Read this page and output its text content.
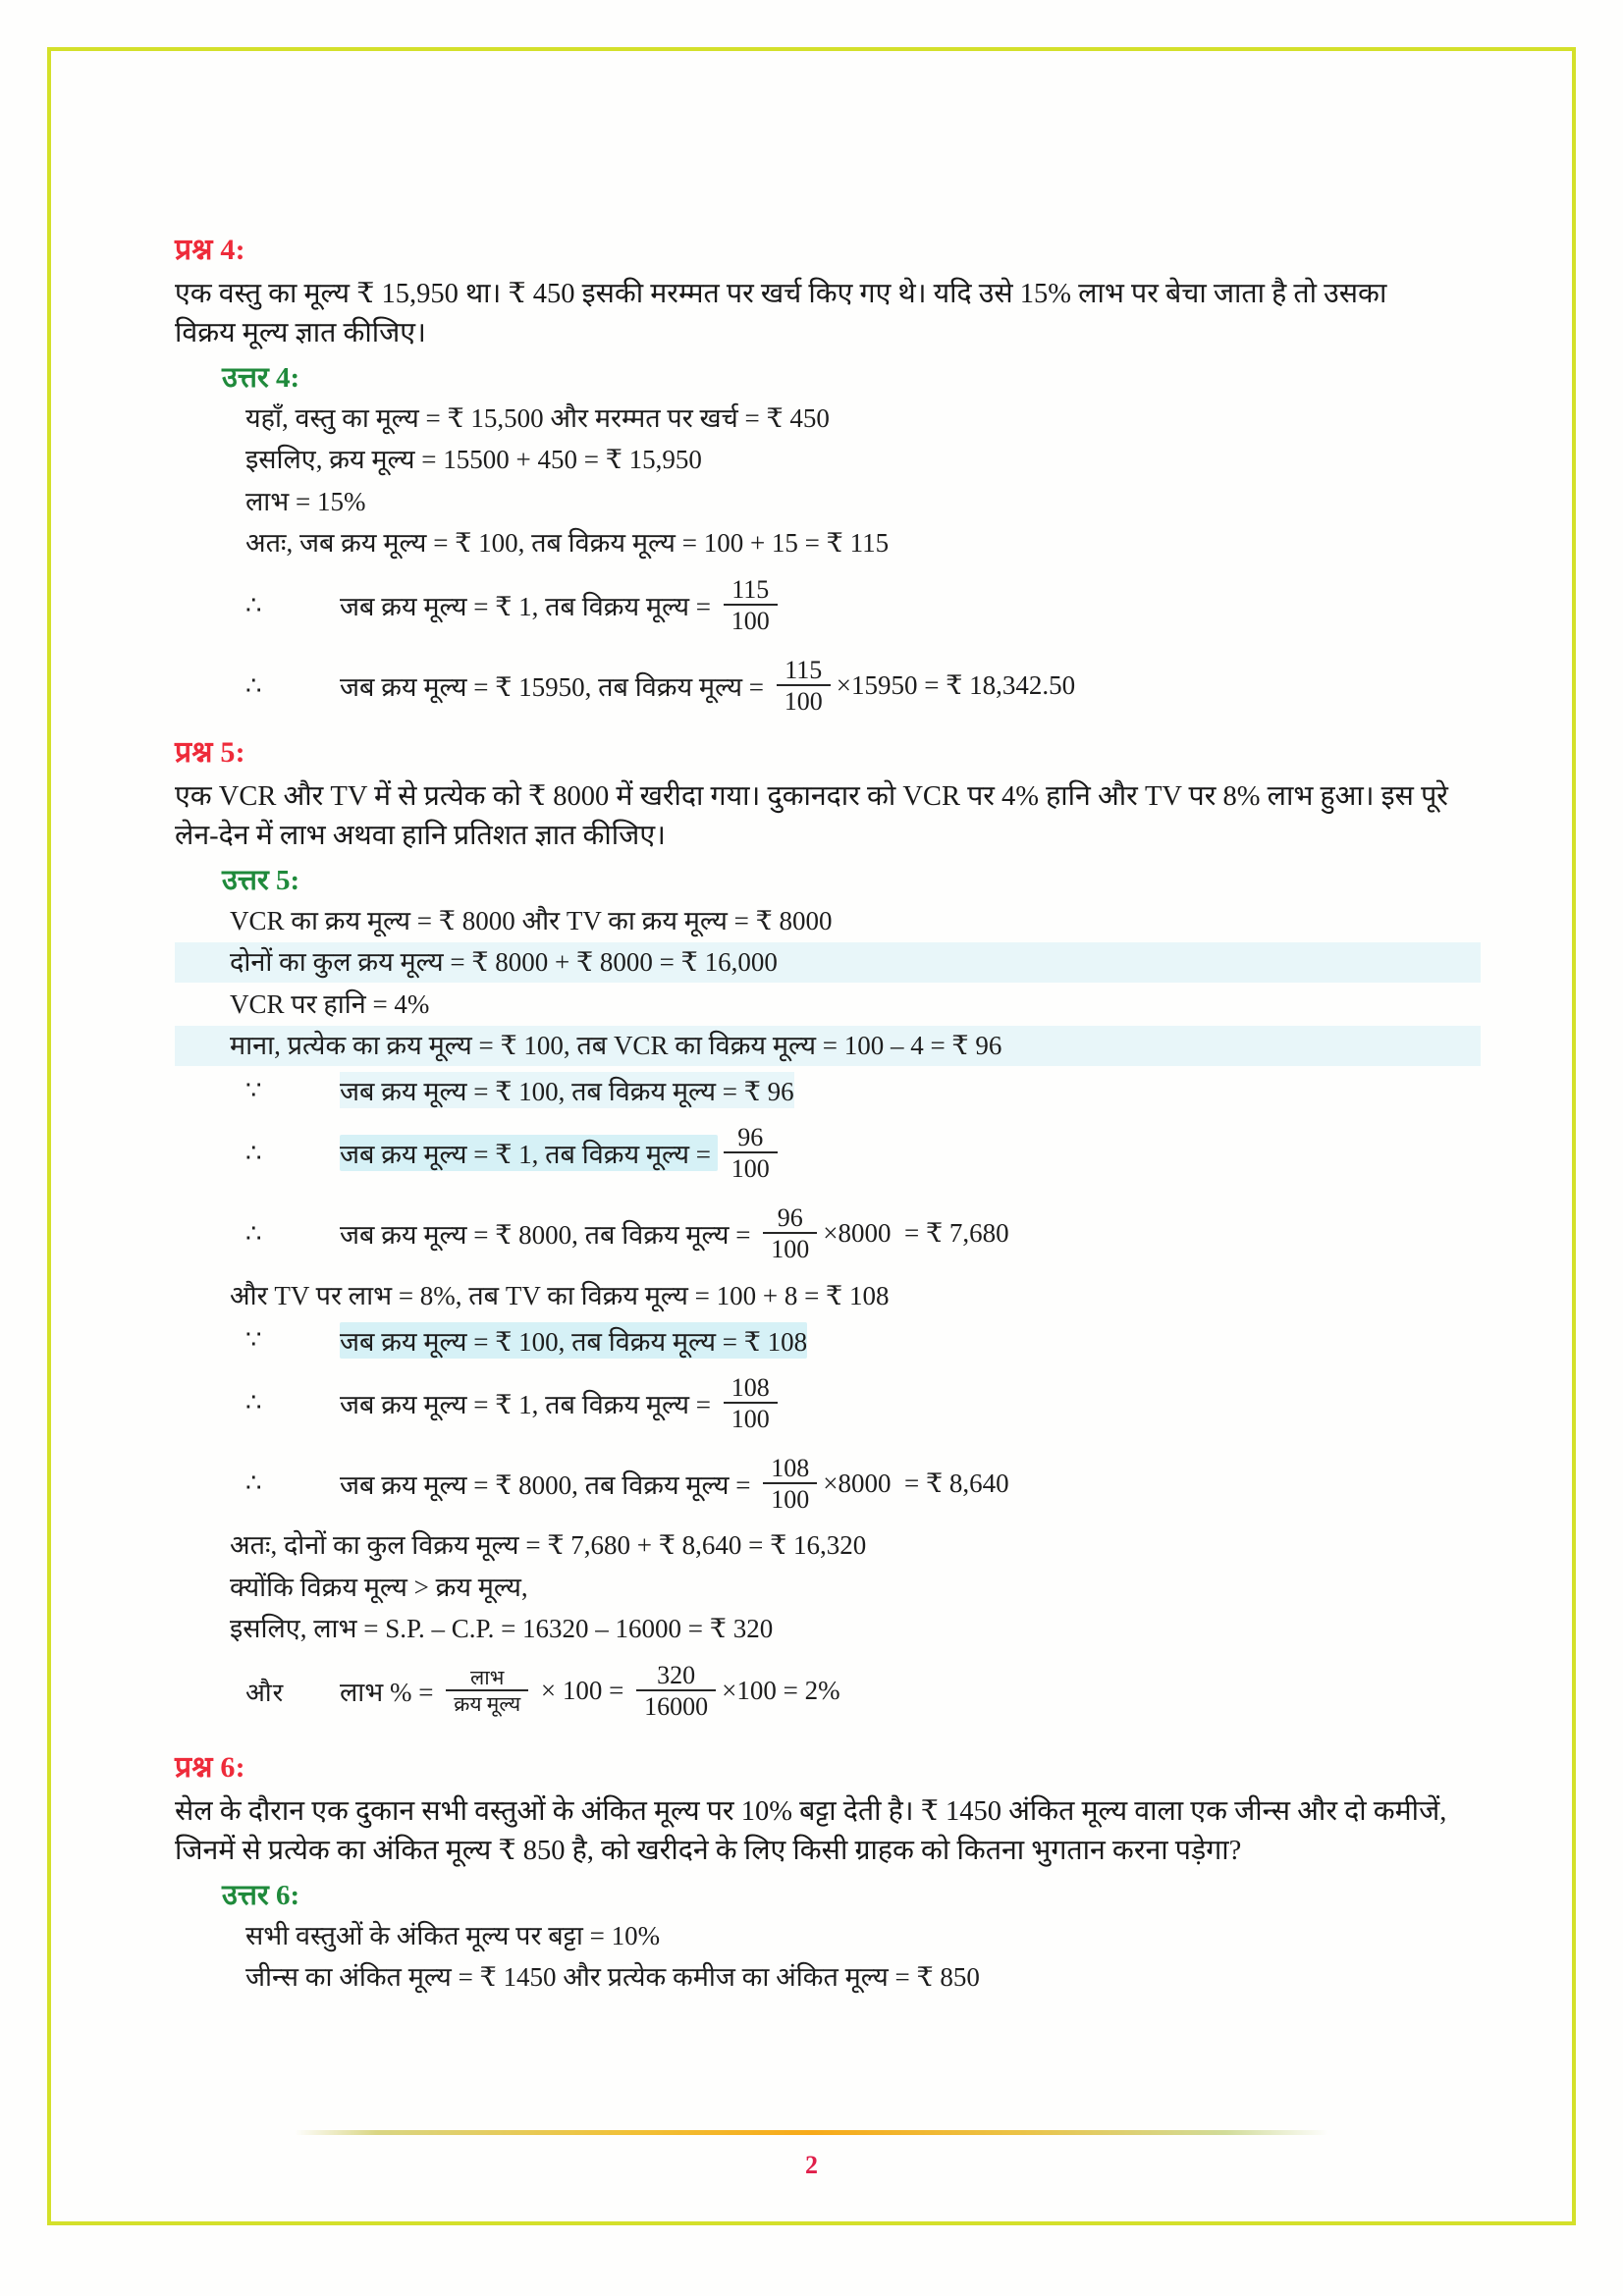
प्रश्न 4:

एक वस्तु का मूल्य ₹ 15,950 था। ₹ 450 इसकी मरम्मत पर खर्च किए गए थे। यदि उसे 15% लाभ पर बेचा जाता है तो उसका विक्रय मूल्य ज्ञात कीजिए।

उत्तर 4:
यहाँ, वस्तु का मूल्य = ₹ 15,500 और मरम्मत पर खर्च = ₹ 450
इसलिए, क्रय मूल्य = 15500 + 450 = ₹ 15,950
लाभ = 15%
अतः, जब क्रय मूल्य = ₹ 100, तब विक्रय मूल्य = 100 + 15 = ₹ 115
∴	जब क्रय मूल्य = ₹ 1, तब विक्रय मूल्य = $\frac{115}{100}$
∴	जब क्रय मूल्य = ₹ 15950, तब विक्रय मूल्य = $\frac{115}{100} \times 15950$ = ₹ 18,342.50
प्रश्न 5:

एक VCR और TV में से प्रत्येक को ₹ 8000 में खरीदा गया। दुकानदार को VCR पर 4% हानि और TV पर 8% लाभ हुआ। इस पूरे लेन-देन में लाभ अथवा हानि प्रतिशत ज्ञात कीजिए।

उत्तर 5:
VCR का क्रय मूल्य = ₹ 8000 और TV का क्रय मूल्य = ₹ 8000
दोनों का कुल क्रय मूल्य = ₹ 8000 + ₹ 8000 = ₹ 16,000
VCR पर हानि = 4%
माना, प्रत्येक का क्रय मूल्य = ₹ 100, तब VCR का विक्रय मूल्य = 100 – 4 = ₹ 96
∵	जब क्रय मूल्य = ₹ 100, तब विक्रय मूल्य = ₹ 96
∴	जब क्रय मूल्य = ₹ 1, तब विक्रय मूल्य = $\frac{96}{100}$
∴	जब क्रय मूल्य = ₹ 8000, तब विक्रय मूल्य = $\frac{96}{100} \times 8000$  = ₹ 7,680
और TV पर लाभ = 8%, तब TV का विक्रय मूल्य = 100 + 8 = ₹ 108
∵	जब क्रय मूल्य = ₹ 100, तब विक्रय मूल्य = ₹ 108
∴	जब क्रय मूल्य = ₹ 1, तब विक्रय मूल्य = $\frac{108}{100}$
∴	जब क्रय मूल्य = ₹ 8000, तब विक्रय मूल्य = $\frac{108}{100} \times 8000$  = ₹ 8,640
अतः, दोनों का कुल विक्रय मूल्य = ₹ 7,680 + ₹ 8,640 = ₹ 16,320
क्योंकि विक्रय मूल्य > क्रय मूल्य,
इसलिए, लाभ = S.P. – C.P. = 16320 – 16000 = ₹ 320
और	लाभ % = $\frac{\text{लाभ}}{\text{क्रय मूल्य}} \times 100 = \frac{320}{16000} \times 100 = 2\%$
प्रश्न 6:

सेल के दौरान एक दुकान सभी वस्तुओं के अंकित मूल्य पर 10% बट्टा देती है। ₹ 1450 अंकित मूल्य वाला एक जीन्स और दो कमीजें, जिनमें से प्रत्येक का अंकित मूल्य ₹ 850 है, को खरीदने के लिए किसी ग्राहक को कितना भुगतान करना पड़ेगा?

उत्तर 6:
सभी वस्तुओं के अंकित मूल्य पर बट्टा = 10%
जीन्स का अंकित मूल्य = ₹ 1450 और प्रत्येक कमीज का अंकित मूल्य = ₹ 850
2
